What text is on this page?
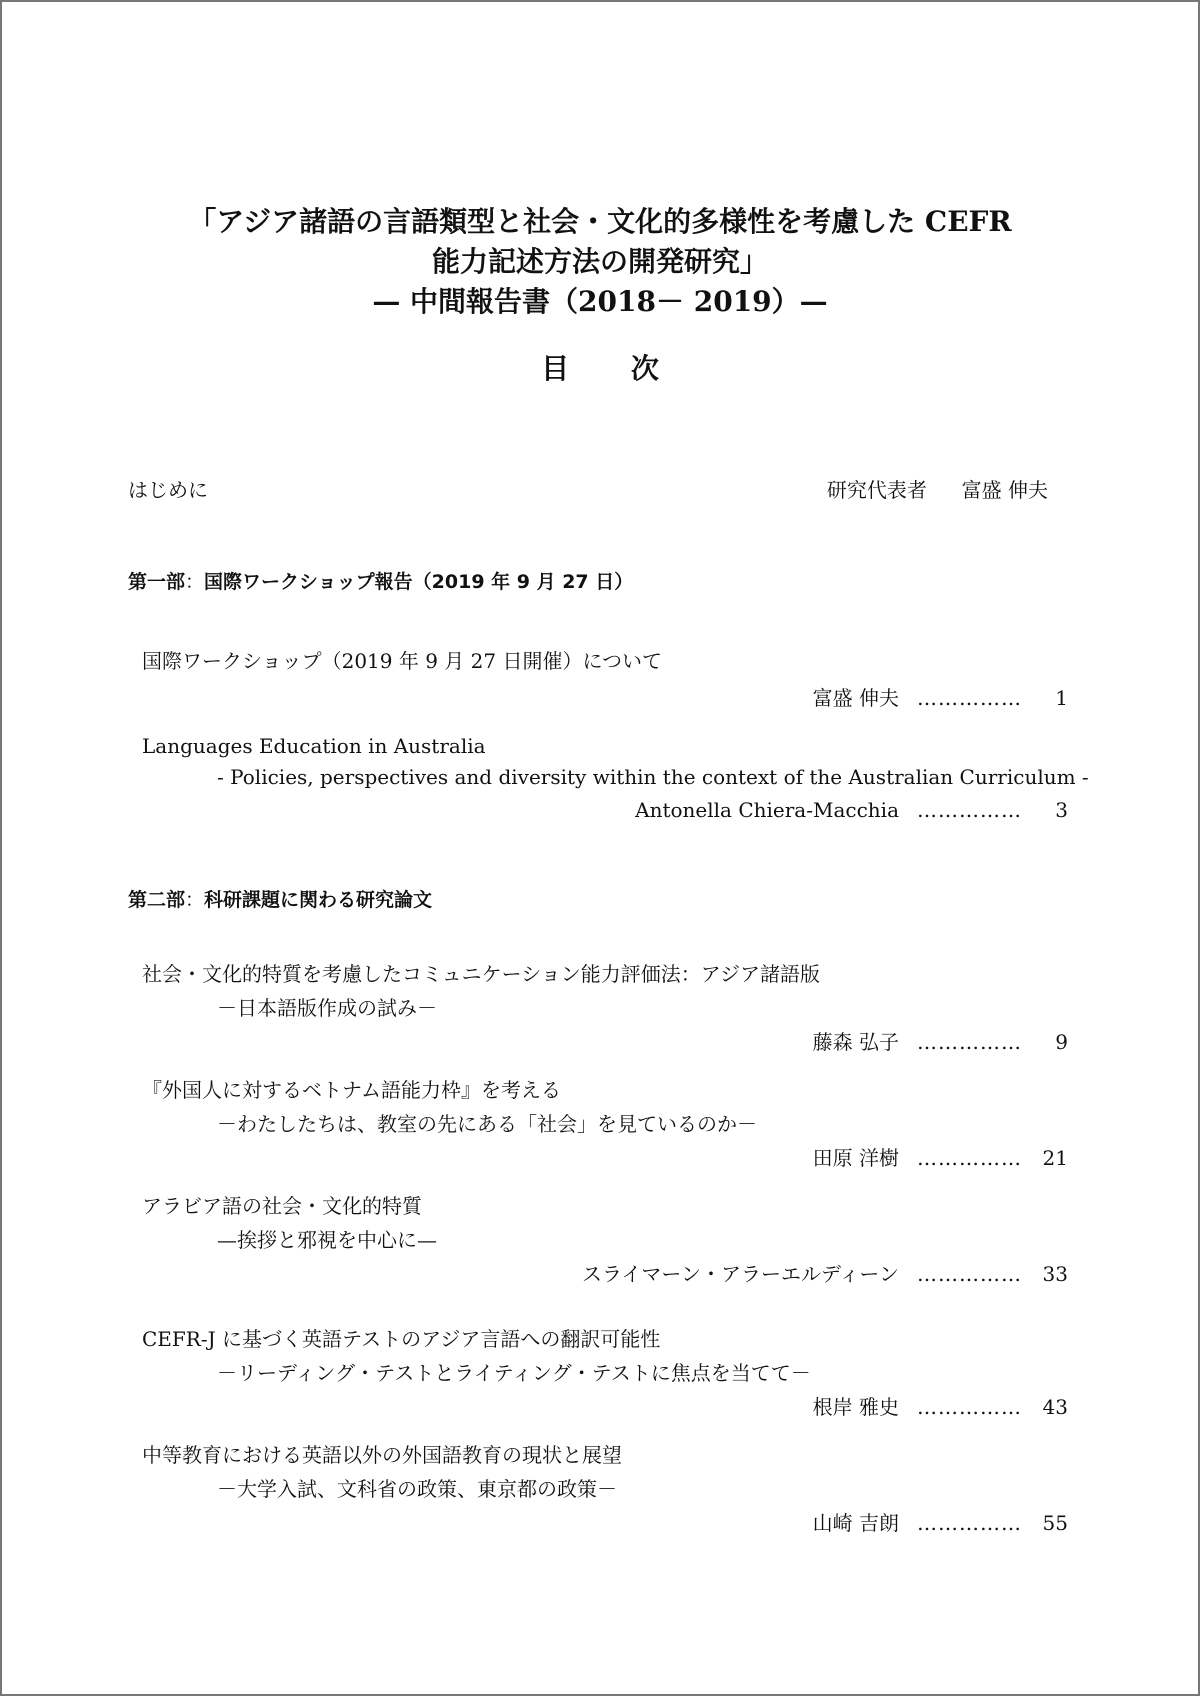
「アジア諸語の言語類型と社会・文化的多様性を考慮した CEFR
能力記述方法の開発研究」
— 中間報告書（2018－ 2019）—
目 次
はじめに	研究代表者 富盛 伸夫
第一部：国際ワークショップ報告（2019 年 9 月 27 日）
国際ワークショップ（2019 年 9 月 27 日開催）について
富盛 伸夫 ……………	1
Languages Education in Australia
- Policies, perspectives and diversity within the context of the Australian Curriculum -
Antonella Chiera-Macchia ……………	3
第二部：科研課題に関わる研究論文
社会・文化的特質を考慮したコミュニケーション能力評価法：アジア諸語版
－日本語版作成の試み－
藤森 弘子 ……………	9
『外国人に対するベトナム語能力枠』を考える
－わたしたちは、教室の先にある「社会」を見ているのか－
田原 洋樹 ……………	21
アラビア語の社会・文化的特質
—挨拶と邪視を中心に—
スライマーン・アラーエルディーン ……………	33
CEFR-J に基づく英語テストのアジア言語への翻訳可能性
－リーディング・テストとライティング・テストに焦点を当てて－
根岸 雅史 ……………	43
中等教育における英語以外の外国語教育の現状と展望
－大学入試、文科省の政策、東京都の政策－
山崎 吉朗 ……………	55
